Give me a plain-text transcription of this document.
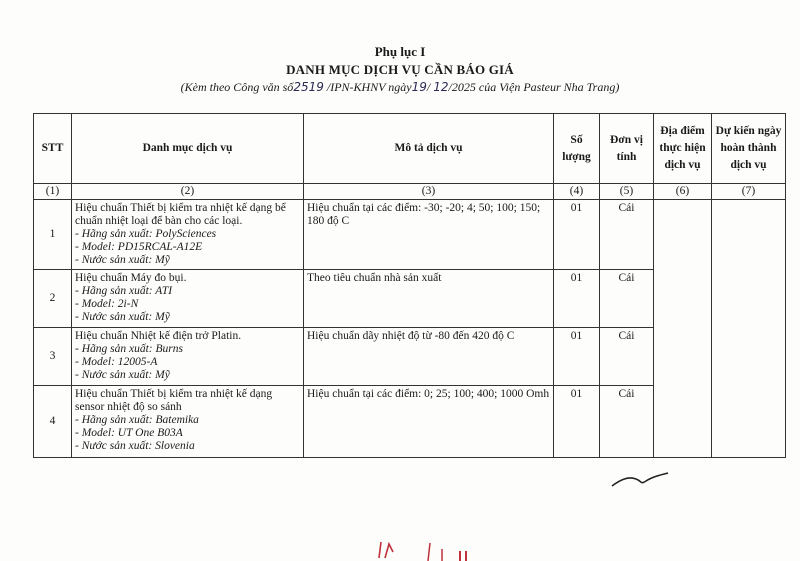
Phụ lục I
DANH MỤC DỊCH VỤ CẦN BÁO GIÁ
(Kèm theo Công văn số2519 /IPN-KHNV ngày19/ 12/2025 của Viện Pasteur Nha Trang)
STT	Danh mục dịch vụ	Mô tả dịch vụ	Số lượng	Đơn vị tính	Địa điểm thực hiện dịch vụ	Dự kiến ngày hoàn thành dịch vụ
(1)	(2)	(3)	(4)	(5)	(6)	(7)
1	Hiệu chuẩn Thiết bị kiểm tra nhiệt kế dạng bể chuẩn nhiệt loại để bàn cho các loại.
- Hãng sản xuất: PolySciences
- Model: PD15RCAL-A12E
- Nước sản xuất: Mỹ	Hiệu chuẩn tại các điểm: -30; -20; 4; 50; 100; 150; 180 độ C	01	Cái		
2	Hiệu chuẩn Máy đo bụi.
- Hãng sản xuất: ATI
- Model: 2i-N
- Nước sản xuất: Mỹ	Theo tiêu chuẩn nhà sản xuất	01	Cái		
3	Hiệu chuẩn Nhiệt kế điện trở Platin.
- Hãng sản xuất: Burns
- Model: 12005-A
- Nước sản xuất: Mỹ	Hiệu chuẩn dãy nhiệt độ từ -80 đến 420 độ C	01	Cái		
4	Hiệu chuẩn Thiết bị kiểm tra nhiệt kế dạng sensor nhiệt độ so sánh
- Hãng sản xuất: Batemika
- Model: UT One B03A
- Nước sản xuất: Slovenia	Hiệu chuẩn tại các điểm: 0; 25; 100; 400; 1000 Omh	01	Cái		
